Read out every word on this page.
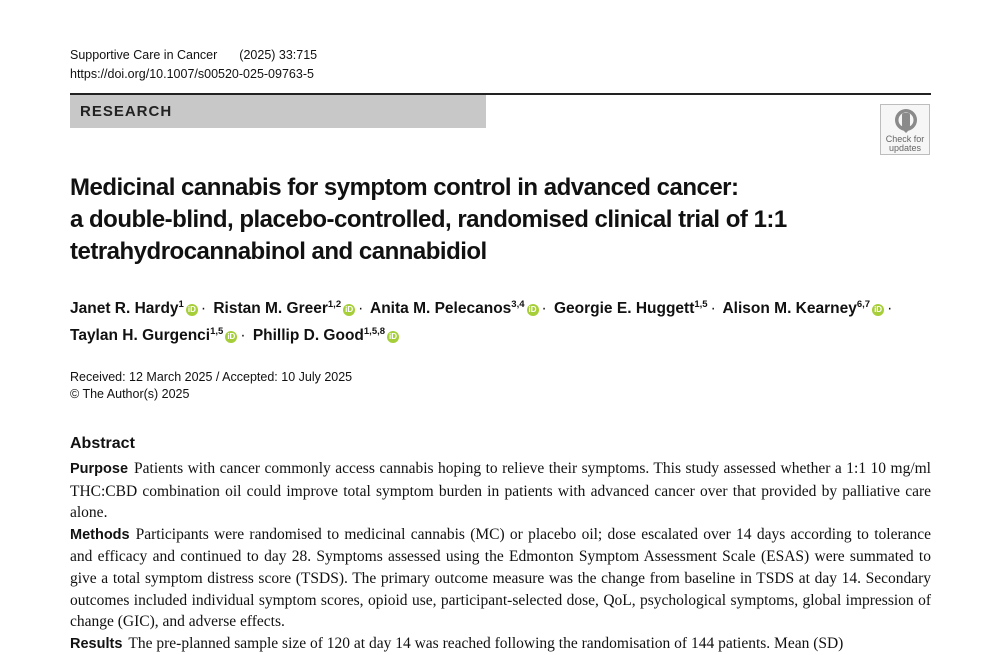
Supportive Care in Cancer (2025) 33:715
https://doi.org/10.1007/s00520-025-09763-5
RESEARCH
Check for
updates
Medicinal cannabis for symptom control in advanced cancer:
a double-blind, placebo-controlled, randomised clinical trial of 1:1
tetrahydrocannabinol and cannabidiol
Janet R. Hardy$^1$ iD · Ristan M. Greer$^{1,2}$ iD · Anita M. Pelecanos$^{3,4}$ iD · Georgie E. Huggett$^{1,5}$ · Alison M. Kearney$^{6,7}$ iD ·
Taylan H. Gurgenci$^{1,5}$ iD · Phillip D. Good$^{1,5,8}$ iD
Received: 12 March 2025 / Accepted: 10 July 2025
© The Author(s) 2025
Abstract

Purpose Patients with cancer commonly access cannabis hoping to relieve their symptoms. This study assessed whether a 1:1 10 mg/ml THC:CBD combination oil could improve total symptom burden in patients with advanced cancer over that provided by palliative care alone.

Methods Participants were randomised to medicinal cannabis (MC) or placebo oil; dose escalated over 14 days according to tolerance and efficacy and continued to day 28. Symptoms assessed using the Edmonton Symptom Assessment Scale (ESAS) were summated to give a total symptom distress score (TSDS). The primary outcome measure was the change from baseline in TSDS at day 14. Secondary outcomes included individual symptom scores, opioid use, participant-selected dose, QoL, psychological symptoms, global impression of change (GIC), and adverse effects.

Results The pre-planned sample size of 120 at day 14 was reached following the randomisation of 144 patients. Mean (SD)
